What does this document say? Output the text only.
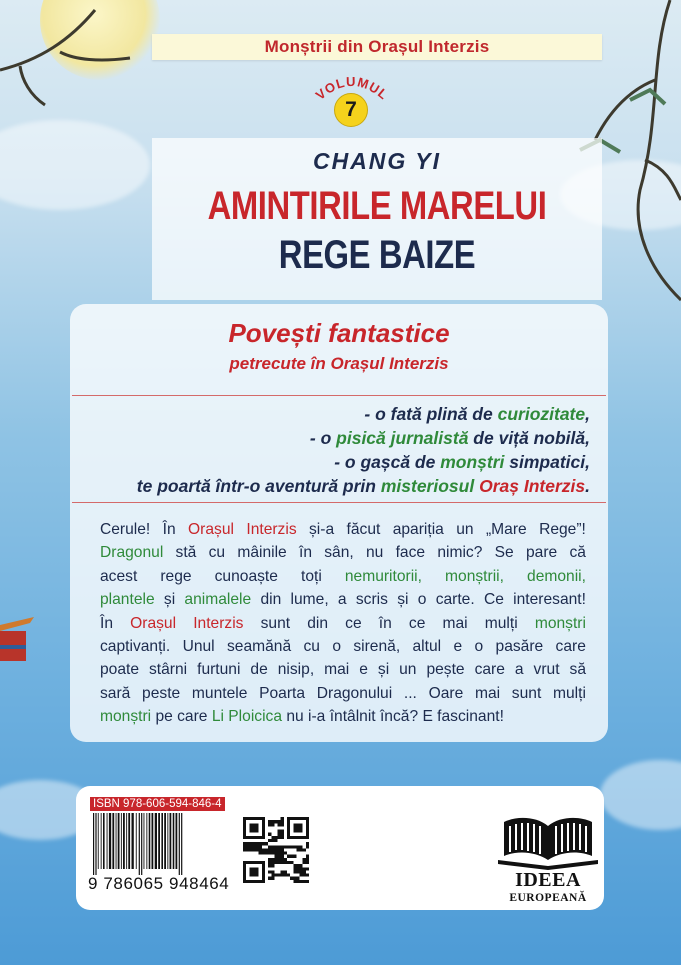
Monștrii din Orașul Interzis
VOLUMUL
7
CHANG YI
AMINTIRILE MARELUI
REGE BAIZE
Povești fantastice
petrecute în Orașul Interzis
- o fată plină de curiozitate,
- o pisică jurnalistă de viță nobilă,
- o gașcă de monștri simpatici,
te poartă într-o aventură prin misteriosul Oraș Interzis.
Cerule! În Orașul Interzis și-a făcut apariția un „Mare Rege”!
Dragonul stă cu mâinile în sân, nu face nimic? Se pare că
acest rege cunoaște toți nemuritorii, monștrii, demonii,
plantele și animalele din lume, a scris și o carte. Ce interesant!
În Orașul Interzis sunt din ce în ce mai mulți monștri
captivanți. Unul seamănă cu o sirenă, altul e o pasăre care
poate stârni furtuni de nisip, mai e și un pește care a vrut să
sară peste muntele Poarta Dragonului ... Oare mai sunt mulți
monștri pe care Li Ploicica nu i-a întâlnit încă? E fascinant!
ISBN 978-606-594-846-4
9 786065 948464	IDEEA
EUROPEANĂ
